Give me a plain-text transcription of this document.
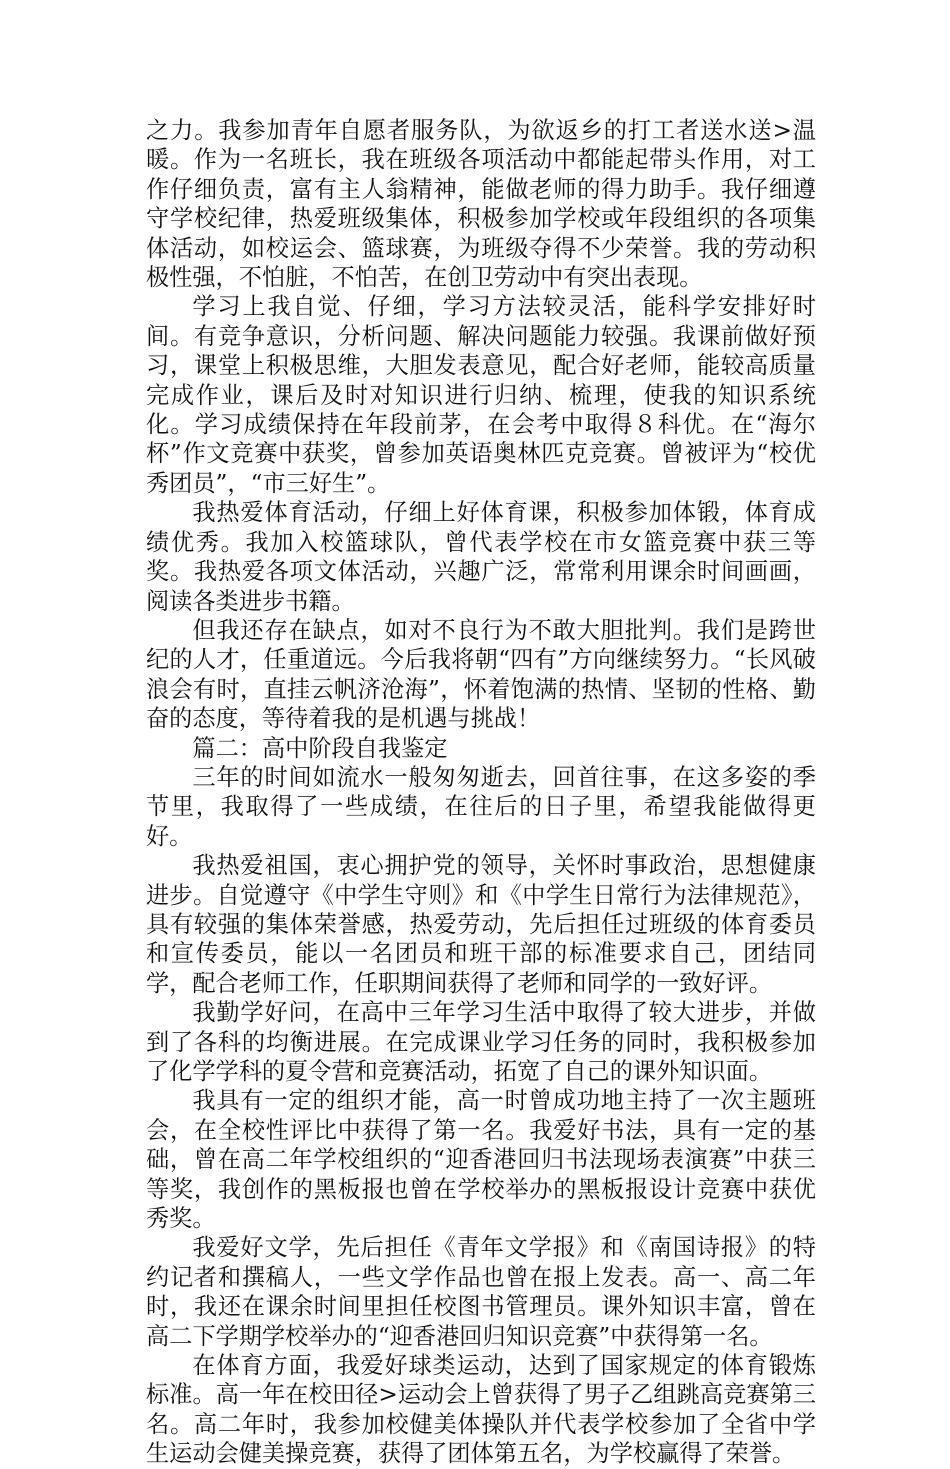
之力。我参加青年自愿者服务队，为欲返乡的打工者送水送>温暖。作为一名班长，我在班级各项活动中都能起带头作用，对工作仔细负责，富有主人翁精神，能做老师的得力助手。我仔细遵守学校纪律，热爱班级集体，积极参加学校或年段组织的各项集体活动，如校运会、篮球赛，为班级夺得不少荣誉。我的劳动积极性强，不怕脏，不怕苦，在创卫劳动中有突出表现。

学习上我自觉、仔细，学习方法较灵活，能科学安排好时间。有竞争意识，分析问题、解决问题能力较强。我课前做好预习，课堂上积极思维，大胆发表意见，配合好老师，能较高质量完成作业，课后及时对知识进行归纳、梳理，使我的知识系统化。学习成绩保持在年段前茅，在会考中取得８科优。在“海尔杯”作文竞赛中获奖，曾参加英语奥林匹克竞赛。曾被评为“校优秀团员”，“市三好生”。

我热爱体育活动，仔细上好体育课，积极参加体锻，体育成绩优秀。我加入校篮球队，曾代表学校在市女篮竞赛中获三等奖。我热爱各项文体活动，兴趣广泛，常常利用课余时间画画，阅读各类进步书籍。

但我还存在缺点，如对不良行为不敢大胆批判。我们是跨世纪的人才，任重道远。今后我将朝“四有”方向继续努力。“长风破浪会有时，直挂云帆济沧海”，怀着饱满的热情、坚韧的性格、勤奋的态度，等待着我的是机遇与挑战！

篇二：高中阶段自我鉴定

三年的时间如流水一般匆匆逝去，回首往事，在这多姿的季节里，我取得了一些成绩，在往后的日子里，希望我能做得更好。

我热爱祖国，衷心拥护党的领导，关怀时事政治，思想健康进步。自觉遵守《中学生守则》和《中学生日常行为法律规范》，具有较强的集体荣誉感，热爱劳动，先后担任过班级的体育委员和宣传委员，能以一名团员和班干部的标准要求自己，团结同学，配合老师工作，任职期间获得了老师和同学的一致好评。

我勤学好问，在高中三年学习生活中取得了较大进步，并做到了各科的均衡进展。在完成课业学习任务的同时，我积极参加了化学学科的夏令营和竞赛活动，拓宽了自己的课外知识面。

我具有一定的组织才能，高一时曾成功地主持了一次主题班会，在全校性评比中获得了第一名。我爱好书法，具有一定的基础，曾在高二年学校组织的“迎香港回归书法现场表演赛”中获三等奖，我创作的黑板报也曾在学校举办的黑板报设计竞赛中获优秀奖。

我爱好文学，先后担任《青年文学报》和《南国诗报》的特约记者和撰稿人，一些文学作品也曾在报上发表。高一、高二年时，我还在课余时间里担任校图书管理员。课外知识丰富，曾在高二下学期学校举办的“迎香港回归知识竞赛”中获得第一名。

在体育方面，我爱好球类运动，达到了国家规定的体育锻炼标准。高一年在校田径>运动会上曾获得了男子乙组跳高竞赛第三名。高二年时，我参加校健美体操队并代表学校参加了全省中学生运动会健美操竞赛，获得了团体第五名，为学校赢得了荣誉。
